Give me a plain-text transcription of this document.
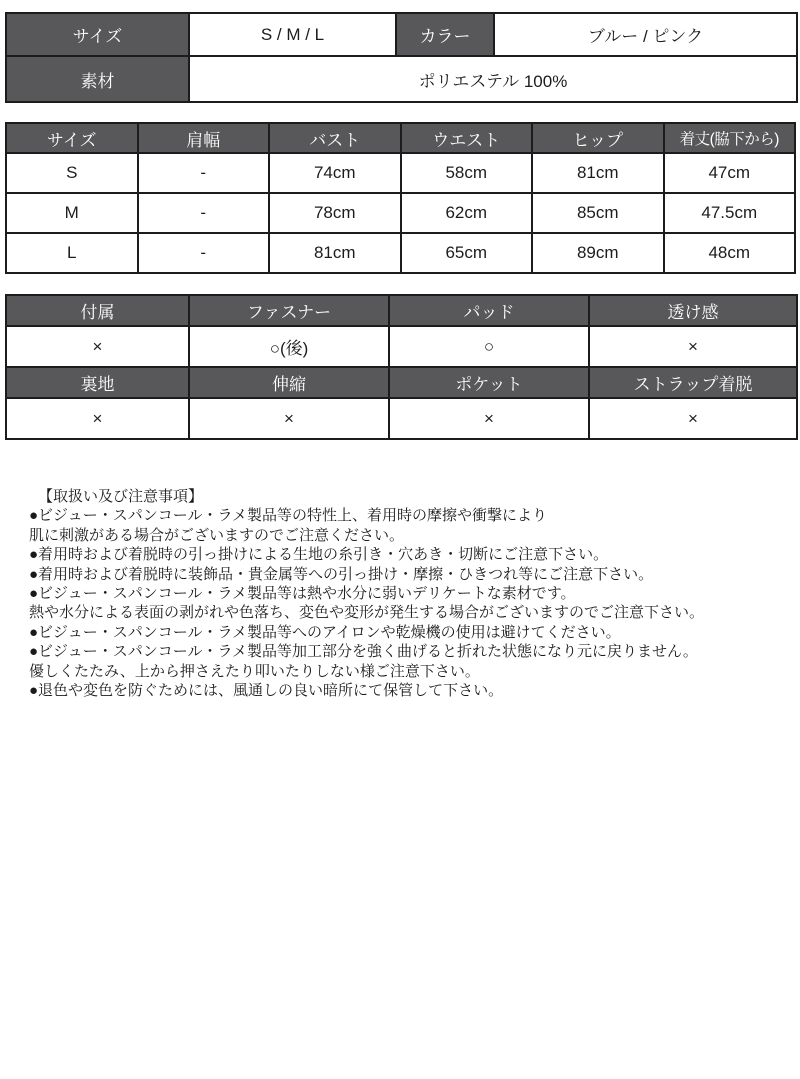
サイズ	S / M / L	カラー	ブルー / ピンク
素材	ポリエステル 100%		
サイズ	肩幅	バスト	ウエスト	ヒップ	着丈(脇下から)
S	-	74cm	58cm	81cm	47cm
M	-	78cm	62cm	85cm	47.5cm
L	-	81cm	65cm	89cm	48cm
付属	ファスナー	パッド	透け感
×	○(後)	○	×
裏地	伸縮	ポケット	ストラップ着脱
×	×	×	×
【取扱い及び注意事項】
●ビジュー・スパンコール・ラメ製品等の特性上、着用時の摩擦や衝撃により
肌に刺激がある場合がございますのでご注意ください。
●着用時および着脱時の引っ掛けによる生地の糸引き・穴あき・切断にご注意下さい。
●着用時および着脱時に装飾品・貴金属等への引っ掛け・摩擦・ひきつれ等にご注意下さい。
●ビジュー・スパンコール・ラメ製品等は熱や水分に弱いデリケートな素材です。
熱や水分による表面の剥がれや色落ち、変色や変形が発生する場合がございますのでご注意下さい。
●ビジュー・スパンコール・ラメ製品等へのアイロンや乾燥機の使用は避けてください。
●ビジュー・スパンコール・ラメ製品等加工部分を強く曲げると折れた状態になり元に戻りません。
優しくたたみ、上から押さえたり叩いたりしない様ご注意下さい。
●退色や変色を防ぐためには、風通しの良い暗所にて保管して下さい。
